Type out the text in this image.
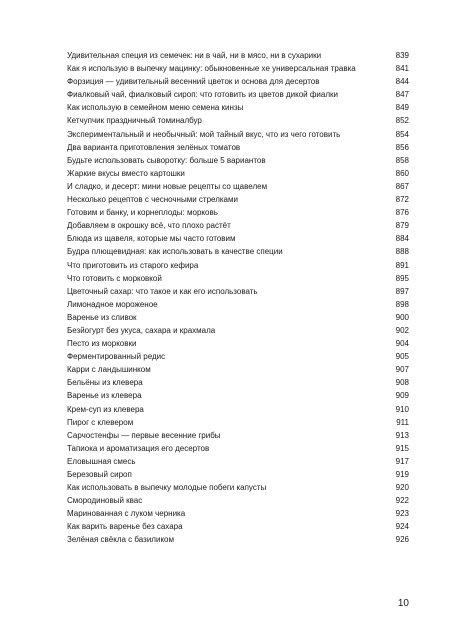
Удивительная специя из семечек: ни в чай, ни в мясо, ни в сухарики	839
Как я использую в выпечку мацинку: обыкновенные хе универсальная травка	841
Форзиция — удивительный весенний цветок и основа для десертов	844
Фиалковый чай, фиалковый сироп: что готовить из цветов дикой фиалки	847
Как использую в семейном меню семена кинзы	849
Кетчупчик праздничный томиналбур	852
Экспериментальный и необычный: мой тайный вкус, что из чего готовить	854
Два варианта приготовления зелёных томатов	856
Будьте использовать сыворотку: больше 5 вариантов	858
Жаркие вкусы вместо картошки	860
И сладко, и десерт: мини новые рецепты со щавелем	867
Несколько рецептов с чесночными стрелками	872
Готовим и банку, и корнеплоды: морковь	876
Добавляем в окрошку всё, что плохо растёт	879
Блюда из щавеля, которые мы часто готовим	884
Будра плющевидная: как использовать в качестве специи	888
Что приготовить из старого кефира	891
Что готовить с морковкой	895
Цветочный сахар: что такое и как его использовать	897
Лимонадное мороженое	898
Варенье из сливок	900
Безйогурт без укуса, сахара и крахмала	902
Песто из морковки	904
Ферментированный редис	905
Карри с ландышинком	907
Бельёны из клевера	908
Варенье из клевера	909
Крем-суп из клевера	910
Пирог с клевером	911
Сарчостенфы — первые весенние грибы	913
Тапиока и ароматизация его десертов	915
Еловышная смесь	917
Березовый сироп	919
Как использовать в выпечку молодые побеги капусты	920
Смородиновый квас	922
Маринованная с луком черника	923
Как варить варенье без сахара	924
Зелёная свёкла с базиликом	926
10
